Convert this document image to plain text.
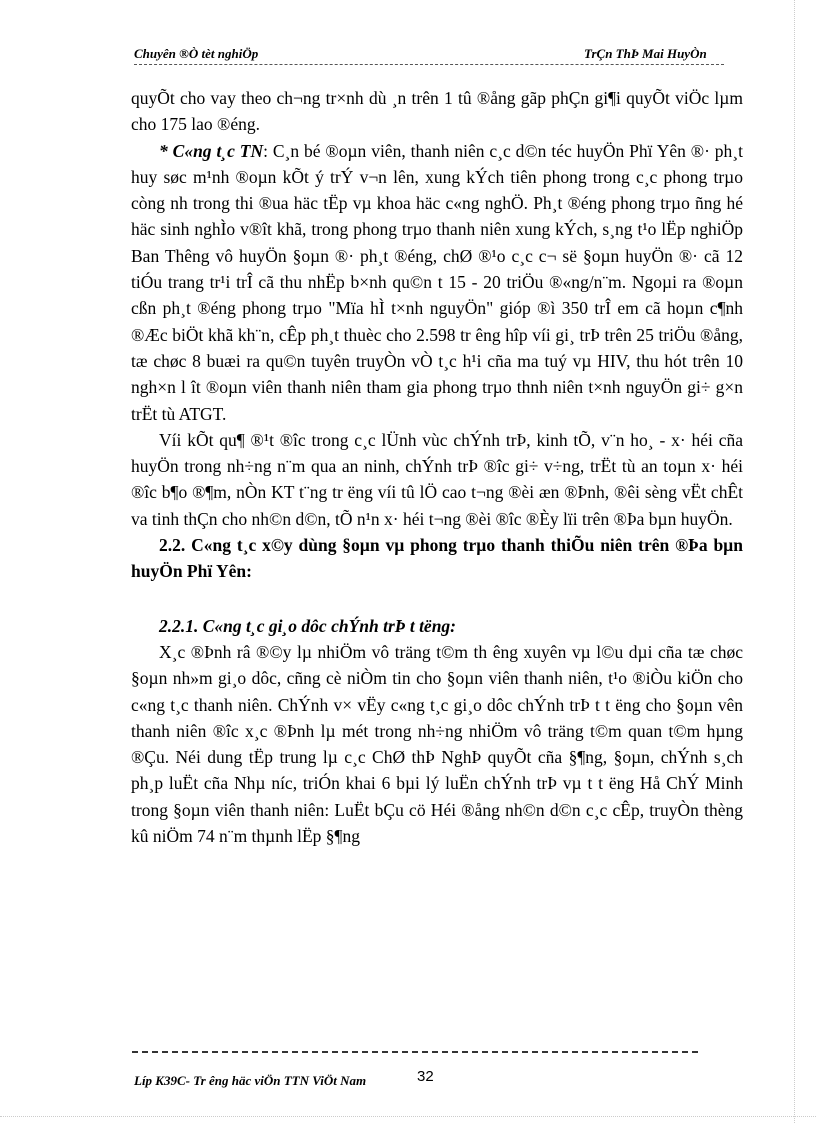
Chuyên ®Ò tèt nghiÖp	TrÇn ThÞ Mai HuyÒn

quyÕt cho vay theo ch¬ng tr×nh dù ¸n trên 1 tû ®ång gãp phÇn gi¶i quyÕt viÖc lµm cho 175 lao ®éng.

* C«ng t¸c TN: C¸n bé ®oµn viên, thanh niên c¸c d©n téc huyÖn Phï Yên ®· ph¸t huy søc m¹nh ®oµn kÕt ý trÝ v¬n lên, xung kÝch tiên phong trong c¸c phong trµo còng nh trong thi ®ua häc tËp vµ khoa häc c«ng nghÖ. Ph¸t ®éng phong trµo ñng hé häc sinh nghÌo v®ît khã, trong phong trµo thanh niên xung kÝch, s¸ng t¹o lËp nghiÖp Ban Thêng vô huyÖn §oµn ®· ph¸t ®éng, chØ ®¹o c¸c c¬ së §oµn huyÖn ®· cã 12 tiÓu trang tr¹i trÎ cã thu nhËp b×nh qu©n t 15 - 20 triÖu ®«ng/n¨m. Ngoµi ra ®oµn cßn ph¸t ®éng phong trµo "Mïa hÌ t×nh nguyÖn" gióp ®ì 350 trÎ em cã hoµn c¶nh ®Æc biÖt khã kh¨n, cÊp ph¸t thuèc cho 2.598 tr êng hîp víi gi¸ trÞ trên 25 triÖu ®ång, tæ chøc 8 buæi ra qu©n tuyên truyÒn vÒ t¸c h¹i cña ma tuý vµ HIV, thu hót trên 10 ngh×n l ît ®oµn viên thanh niên tham gia phong trµo thnh niên t×nh nguyÖn gi÷ g×n trËt tù ATGT.

Víi kÕt qu¶ ®¹t ®îc trong c¸c lÜnh vùc chÝnh trÞ, kinh tÕ, v¨n ho¸ - x· héi cña huyÖn trong nh÷ng n¨m qua an ninh, chÝnh trÞ ®îc gi÷ v÷ng, trËt tù an toµn x· héi ®îc b¶o ®¶m, nÒn KT t¨ng tr ëng víi tû lÖ cao t¬ng ®èi æn ®Þnh, ®êi sèng vËt chÊt va tinh thÇn cho nh©n d©n, tÕ n¹n x· héi t¬ng ®èi ®îc ®Èy lïi trên ®Þa bµn huyÖn.

2.2. C«ng t¸c x©y dùng §oµn vµ phong trµo thanh thiÕu niên trên ®Þa bµn huyÖn Phï Yên:

2.2.1. C«ng t¸c gi¸o dôc chÝnh trÞ t tëng:

X¸c ®Þnh râ ®©y lµ nhiÖm vô träng t©m th êng xuyên vµ l©u dµi cña tæ chøc §oµn nh»m gi¸o dôc, cñng cè niÒm tin cho §oµn viên thanh niên, t¹o ®iÒu kiÖn cho c«ng t¸c thanh niên. ChÝnh v× vËy c«ng t¸c gi¸o dôc chÝnh trÞ t t ëng cho §oµn vên thanh niên ®îc x¸c ®Þnh lµ mét trong nh÷ng nhiÖm vô träng t©m quan t©m hµng ®Çu. Néi dung tËp trung lµ c¸c ChØ thÞ NghÞ quyÕt cña §¶ng, §oµn, chÝnh s¸ch ph¸p luËt cña Nhµ níc, triÓn khai 6 bµi lý luËn chÝnh trÞ vµ t t ëng Hå ChÝ Minh trong §oµn viên thanh niên: LuËt bÇu cö Héi ®ång nh©n d©n c¸c cÊp, truyÒn thèng kû niÖm 74 n¨m thµnh lËp §¶ng

Líp K39C- Tr êng häc viÖn TTN ViÖt Nam	32
